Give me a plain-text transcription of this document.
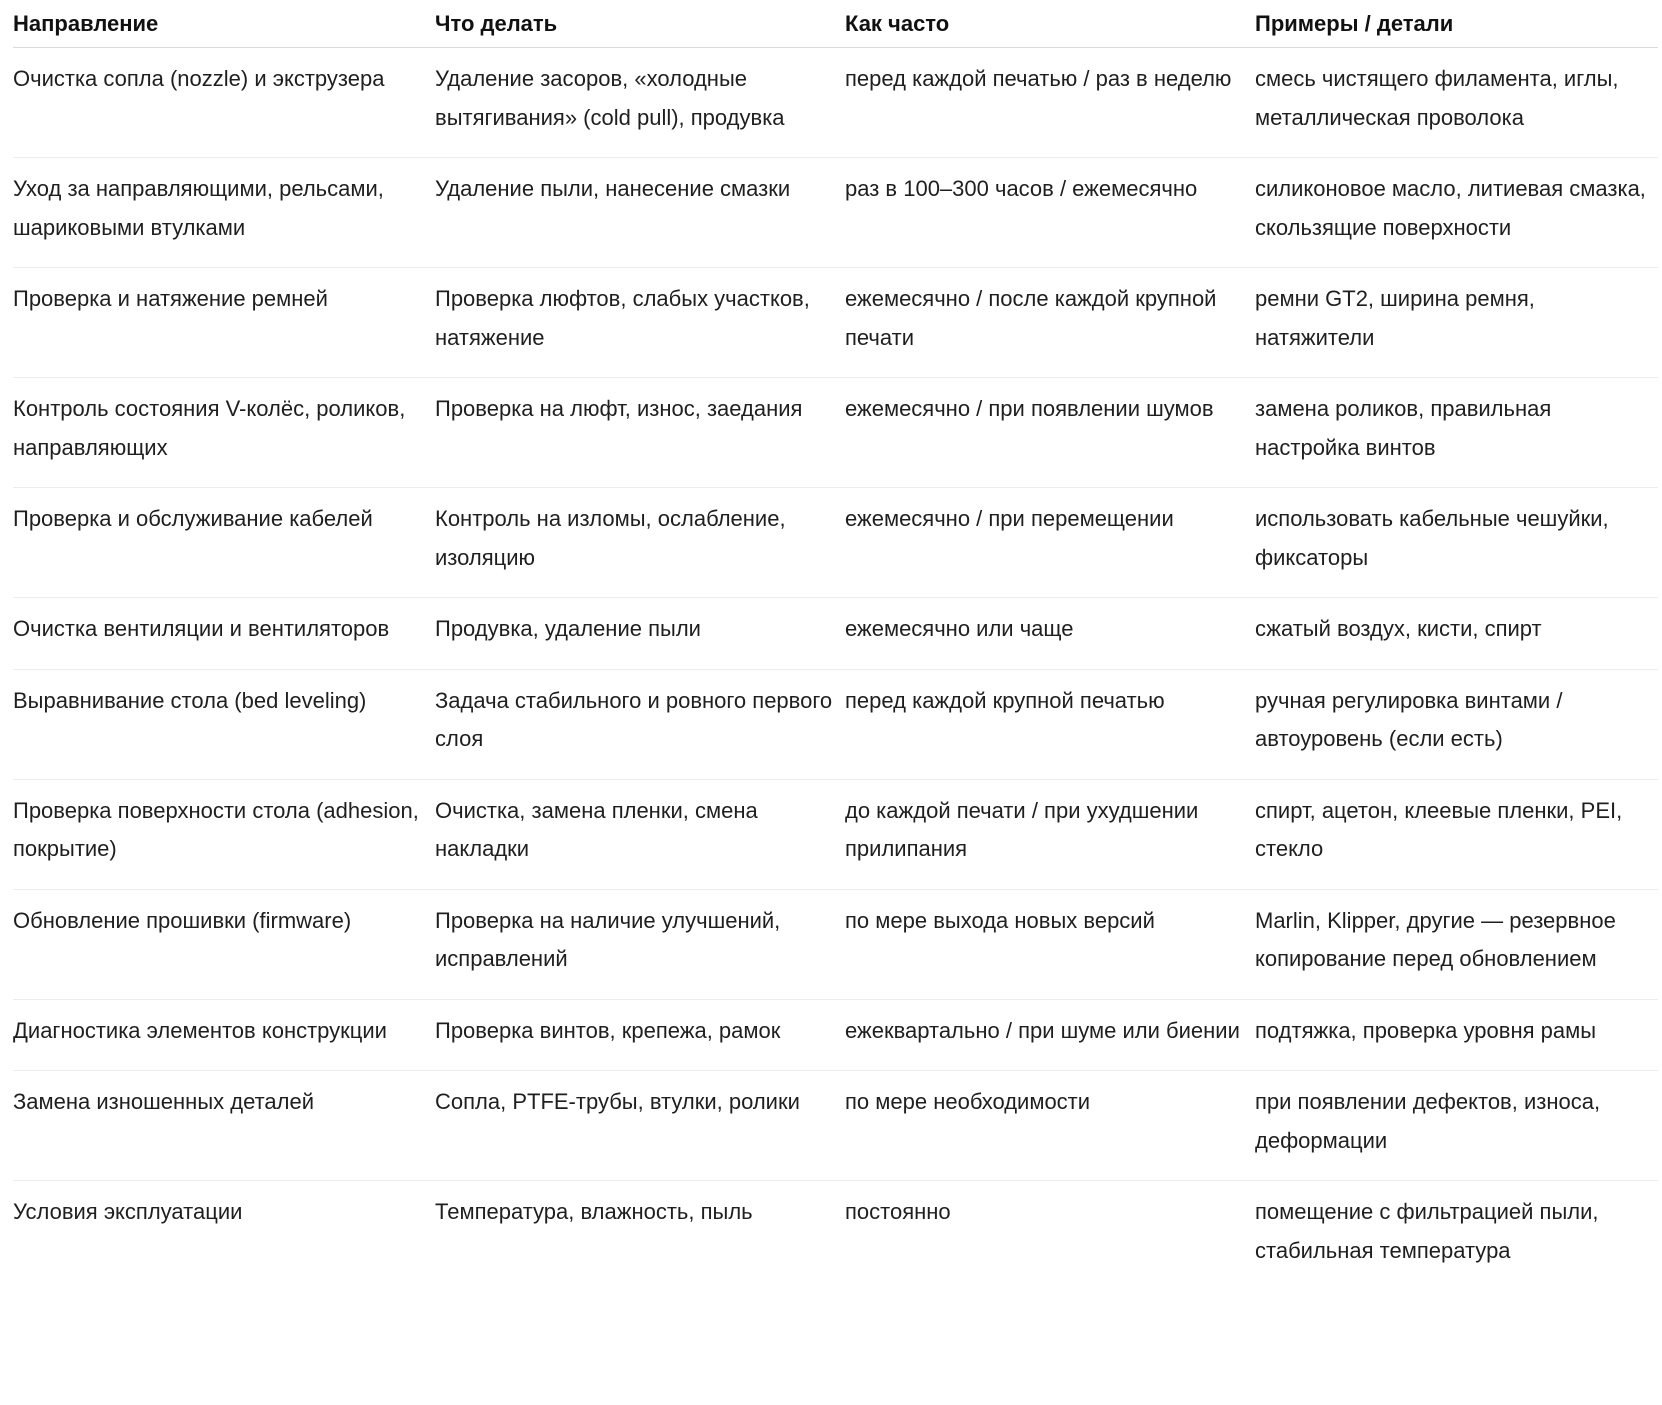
Направление	Что делать	Как часто	Примеры / детали
Очистка сопла (nozzle) и экструзера	Удаление засоров, «холодные вытягивания» (cold pull), продувка	перед каждой печатью / раз в неделю	смесь чистящего филамента, иглы, металлическая проволока
Уход за направляющими, рельсами, шариковыми втулками	Удаление пыли, нанесение смазки	раз в 100–300 часов / ежемесячно	силиконовое масло, литиевая смазка, скользящие поверхности
Проверка и натяжение ремней	Проверка люфтов, слабых участков, натяжение	ежемесячно / после каждой крупной печати	ремни GT2, ширина ремня, натяжители
Контроль состояния V-колёс, роликов, направляющих	Проверка на люфт, износ, заедания	ежемесячно / при появлении шумов	замена роликов, правильная настройка винтов
Проверка и обслуживание кабелей	Контроль на изломы, ослабление, изоляцию	ежемесячно / при перемещении	использовать кабельные чешуйки, фиксаторы
Очистка вентиляции и вентиляторов	Продувка, удаление пыли	ежемесячно или чаще	сжатый воздух, кисти, спирт
Выравнивание стола (bed leveling)	Задача стабильного и ровного первого слоя	перед каждой крупной печатью	ручная регулировка винтами / автоуровень (если есть)
Проверка поверхности стола (adhesion, покрытие)	Очистка, замена пленки, смена накладки	до каждой печати / при ухудшении прилипания	спирт, ацетон, клеевые пленки, PEI, стекло
Обновление прошивки (firmware)	Проверка на наличие улучшений, исправлений	по мере выхода новых версий	Marlin, Klipper, другие — резервное копирование перед обновлением
Диагностика элементов конструкции	Проверка винтов, крепежа, рамок	ежеквартально / при шуме или биении	подтяжка, проверка уровня рамы
Замена изношенных деталей	Сопла, PTFE-трубы, втулки, ролики	по мере необходимости	при появлении дефектов, износа, деформации
Условия эксплуатации	Температура, влажность, пыль	постоянно	помещение с фильтрацией пыли, стабильная температура
